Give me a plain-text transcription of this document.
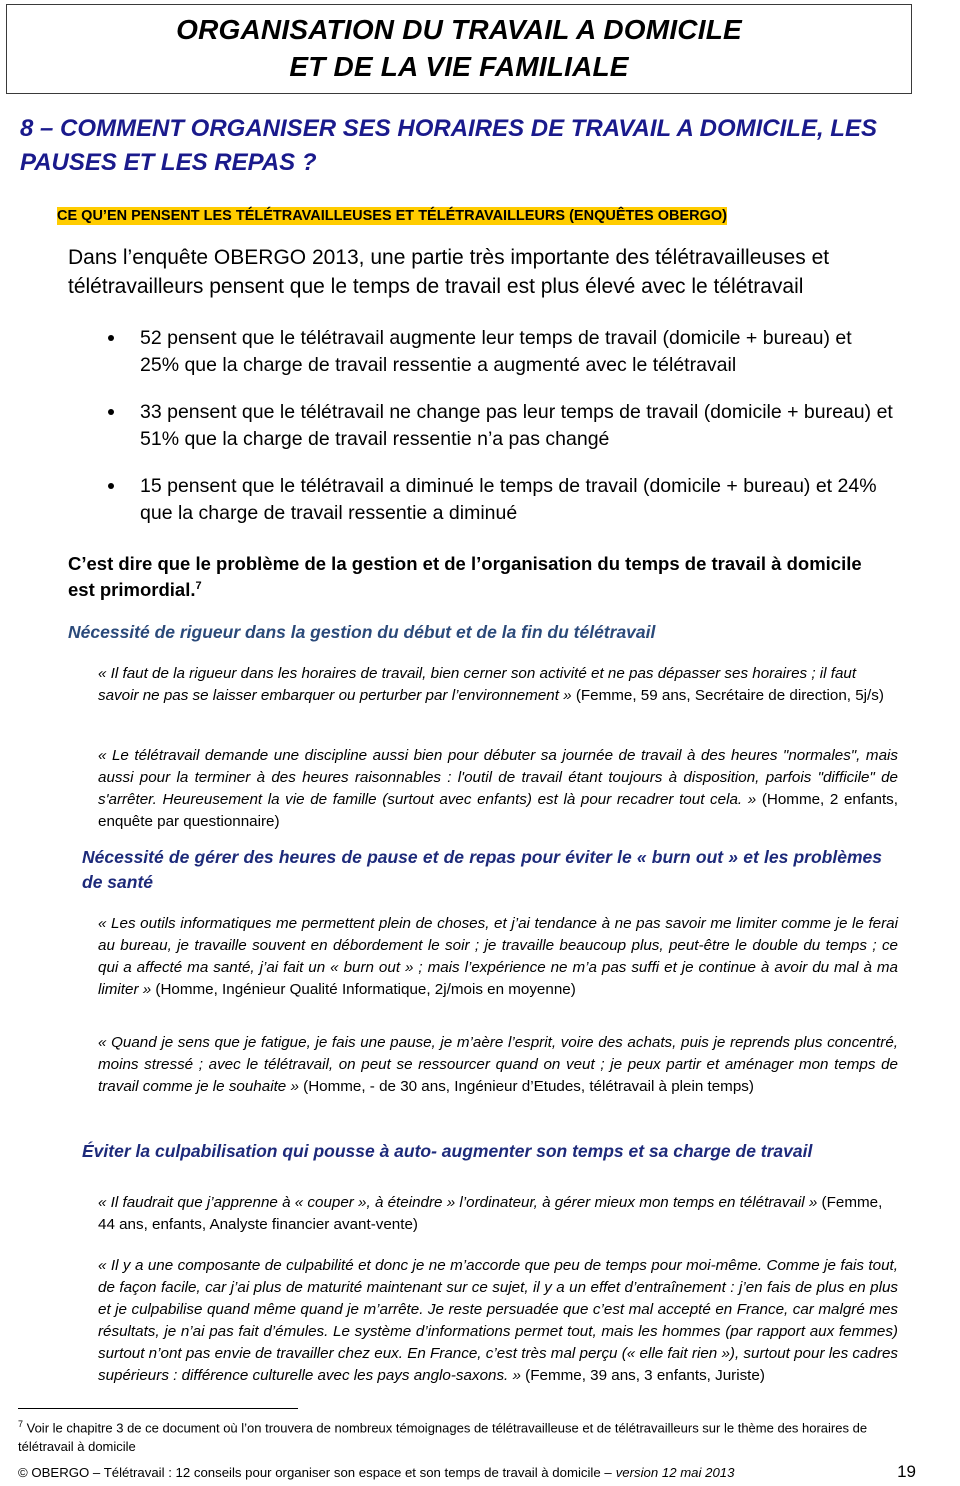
ORGANISATION DU TRAVAIL A DOMICILE
ET DE LA VIE FAMILIALE
8 – COMMENT ORGANISER SES HORAIRES DE TRAVAIL A DOMICILE, LES PAUSES ET LES REPAS ?
CE QU’EN PENSENT LES TÉLÉTRAVAILLEUSES ET TÉLÉTRAVAILLEURS (ENQUÊTES OBERGO)
Dans l’enquête OBERGO 2013, une partie très importante des télétravailleuses et télétravailleurs pensent que le temps de travail est plus élevé avec le télétravail
52 pensent que le télétravail augmente leur temps de travail (domicile + bureau) et 25% que la charge de travail ressentie a augmenté avec le télétravail
33 pensent que le télétravail ne change pas leur temps de travail (domicile + bureau) et 51% que la charge de travail ressentie n’a pas changé
15 pensent que le télétravail a diminué le temps de travail (domicile + bureau) et 24% que la charge de travail ressentie a diminué
C’est dire que le problème de la gestion et de l’organisation du temps de travail à domicile est primordial.$^7$
Nécessité de rigueur dans la gestion du début et de la fin du télétravail
« Il faut de la rigueur dans les horaires de travail, bien cerner son activité et ne pas dépasser ses horaires ; il faut savoir ne pas se laisser embarquer ou perturber par l’environnement » (Femme, 59 ans, Secrétaire de direction, 5j/s)
« Le télétravail demande une discipline aussi bien pour débuter sa journée de travail à des heures "normales", mais aussi pour la terminer à des heures raisonnables : l'outil de travail étant toujours à disposition, parfois "difficile" de s'arrêter. Heureusement la vie de famille (surtout avec enfants) est là pour recadrer tout cela. » (Homme, 2 enfants, enquête par questionnaire)
Nécessité de gérer des heures de pause et de repas pour éviter le « burn out » et les problèmes de santé
« Les outils informatiques me permettent plein de choses, et j’ai tendance à ne pas savoir me limiter comme je le ferai au bureau, je travaille souvent en débordement le soir ; je travaille beaucoup plus, peut-être le double du temps ; ce qui a affecté ma santé, j’ai fait un « burn out » ; mais l’expérience ne m’a pas suffi et je continue à avoir du mal à ma limiter » (Homme, Ingénieur Qualité Informatique, 2j/mois en moyenne)
« Quand je sens que je fatigue, je fais une pause, je m’aère l’esprit, voire des achats, puis je reprends plus concentré, moins stressé ; avec le télétravail, on peut se ressourcer quand on veut ; je peux partir et aménager mon temps de travail comme je le souhaite » (Homme, - de 30 ans, Ingénieur d’Etudes, télétravail à plein temps)
Éviter la culpabilisation qui pousse à auto- augmenter son temps et sa charge de travail
« Il faudrait que j’apprenne à « couper », à éteindre » l’ordinateur, à gérer mieux mon temps en télétravail » (Femme, 44 ans, enfants, Analyste financier avant-vente)
« Il y a une composante de culpabilité et donc je ne m’accorde que peu de temps pour moi-même. Comme je fais tout, de façon facile, car j’ai plus de maturité maintenant sur ce sujet, il y a un effet d’entraînement : j’en fais de plus en plus et je culpabilise quand même quand je m’arrête. Je reste persuadée que c’est mal accepté en France, car malgré mes résultats, je n’ai pas fait d’émules. Le système d’informations permet tout, mais les hommes (par rapport aux femmes) surtout n’ont pas envie de travailler chez eux. En France, c’est très mal perçu (« elle fait rien »), surtout pour les cadres supérieurs : différence culturelle avec les pays anglo-saxons. » (Femme, 39 ans, 3 enfants, Juriste)
$^7$ Voir le chapitre 3 de ce document où l’on trouvera de nombreux témoignages de télétravailleuse et de télétravailleurs sur le thème des horaires de télétravail à domicile
© OBERGO – Télétravail : 12 conseils pour organiser son espace et son temps de travail à domicile – version 12 mai 2013	19
